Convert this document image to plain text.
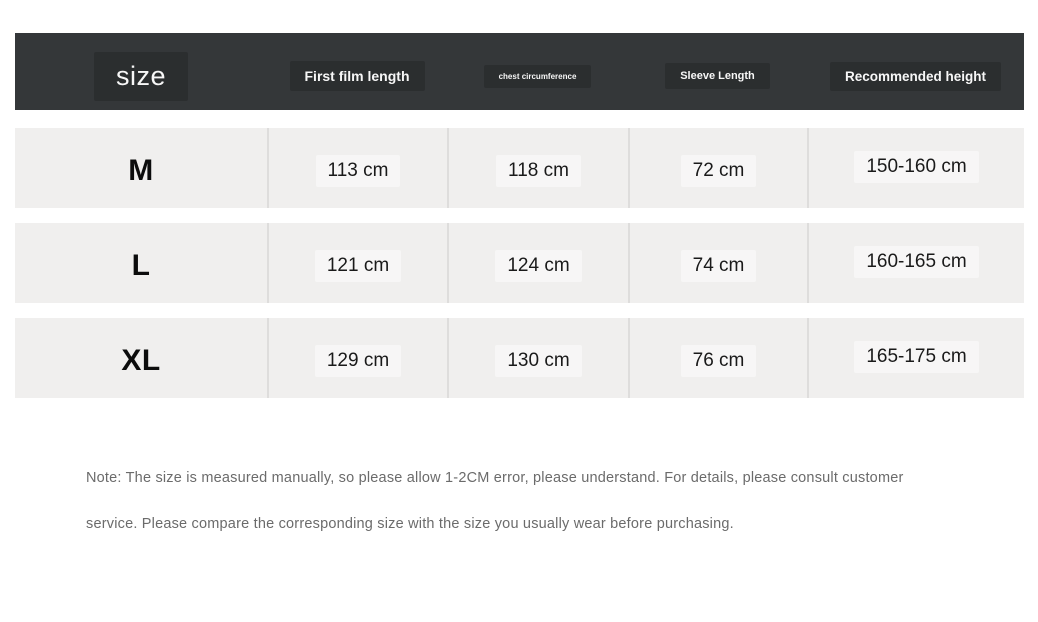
size	First film length	chest circumference	Sleeve Length	Recommended height
M	113 cm	118 cm	72 cm	150-160 cm
L	121 cm	124 cm	74 cm	160-165 cm
XL	129 cm	130 cm	76 cm	165-175 cm
Note: The size is measured manually, so please allow 1-2CM error, please understand. For details, please consult customer
service. Please compare the corresponding size with the size you usually wear before purchasing.
